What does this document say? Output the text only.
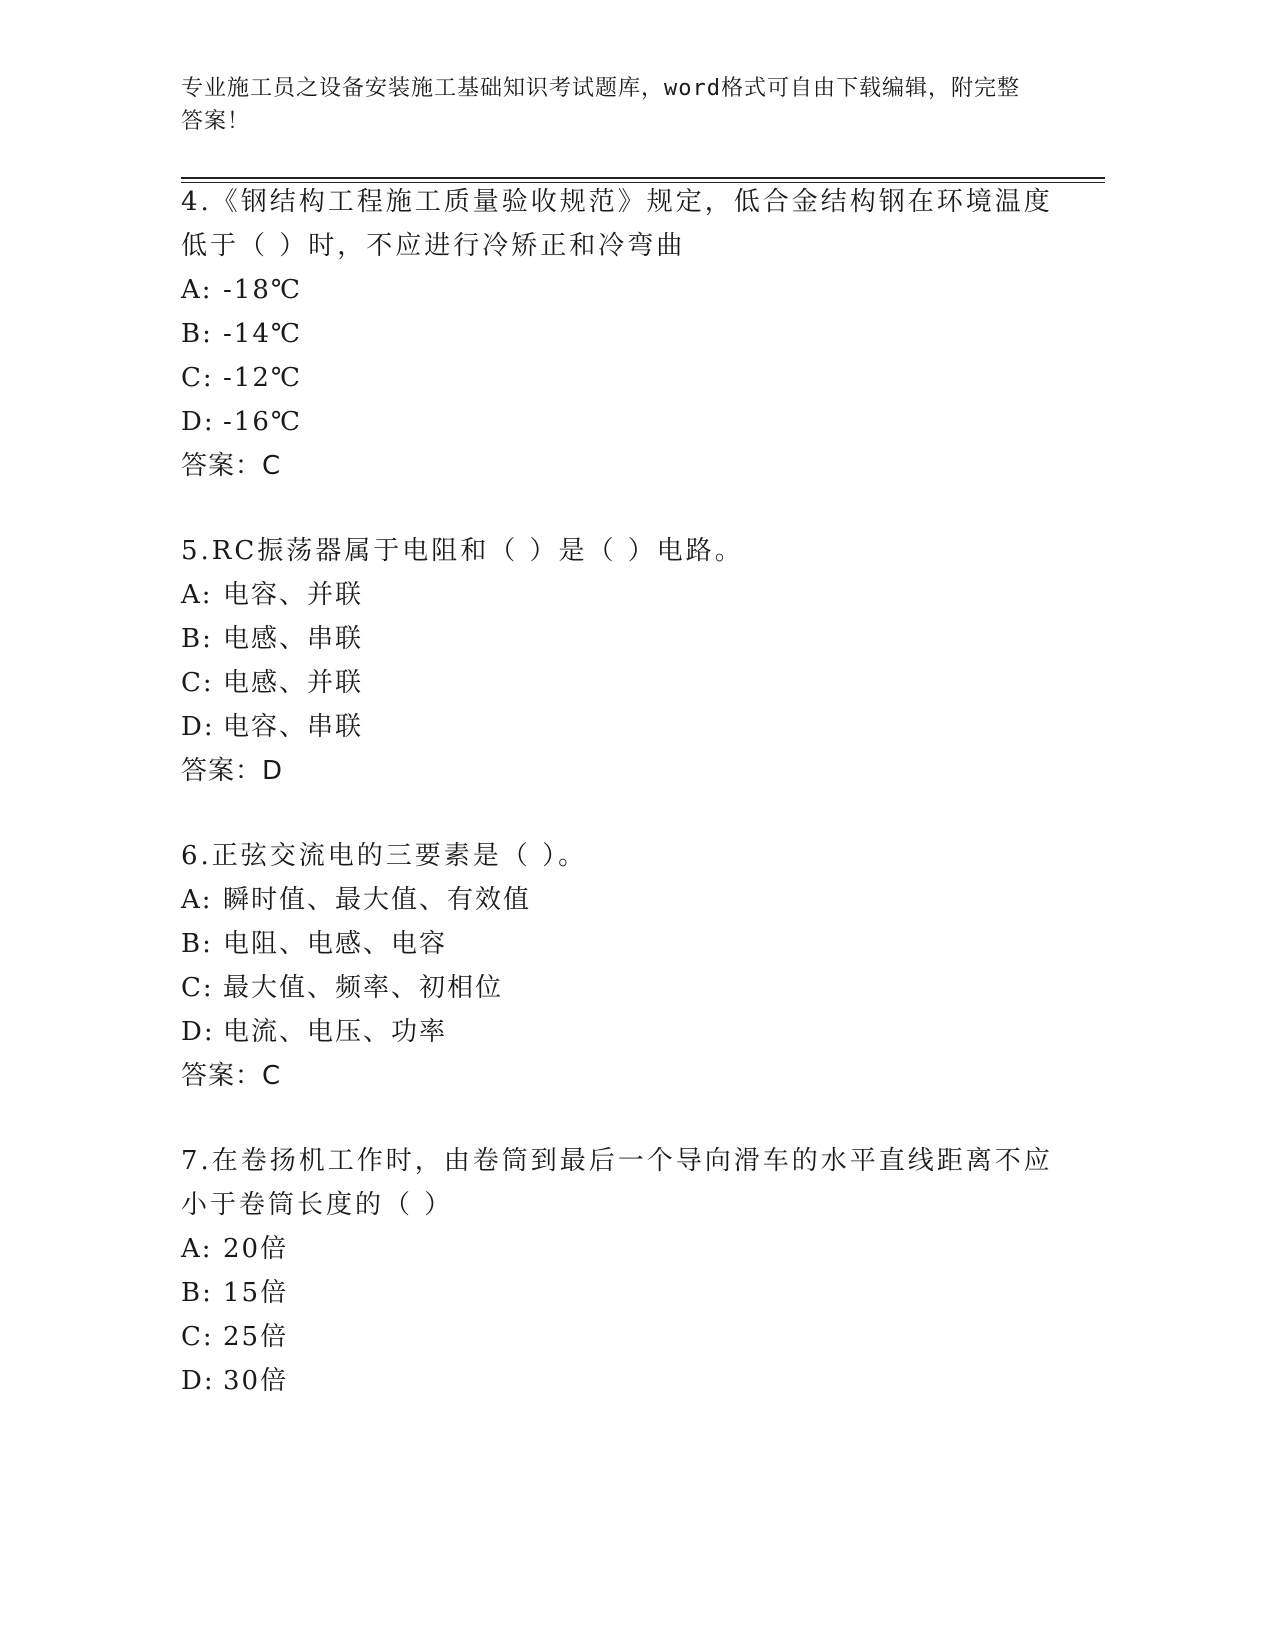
专业施工员之设备安装施工基础知识考试题库，word格式可自由下载编辑，附完整答案！

4.《钢结构工程施工质量验收规范》规定，低合金结构钢在环境温度低于（ ）时，不应进行冷矫正和冷弯曲

A: -18℃

B: -14℃

C: -12℃

D: -16℃

答案：C

5.RC振荡器属于电阻和（ ）是（ ）电路。

A: 电容、并联

B: 电感、串联

C: 电感、并联

D: 电容、串联

答案：D

6.正弦交流电的三要素是（ ）。

A: 瞬时值、最大值、有效值

B: 电阻、电感、电容

C: 最大值、频率、初相位

D: 电流、电压、功率

答案：C

7.在卷扬机工作时，由卷筒到最后一个导向滑车的水平直线距离不应小于卷筒长度的（ ）

A: 20倍

B: 15倍

C: 25倍

D: 30倍
